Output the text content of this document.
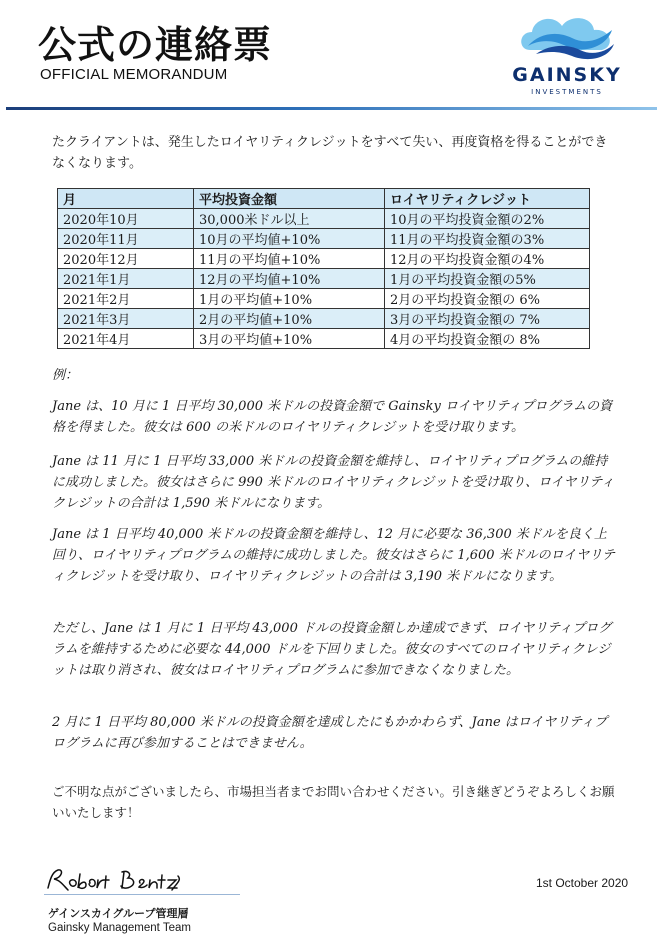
公式の連絡票
OFFICIAL MEMORANDUM	GAINSKY
INVESTMENTS
たクライアントは、発生したロイヤリティクレジットをすべて失い、再度資格を得ることができなくなります。
月	平均投資金額	ロイヤリティクレジット
2020年10月	30,000米ドル以上	10月の平均投資金額の2%
2020年11月	10月の平均値+10%	11月の平均投資金額の3%
2020年12月	11月の平均値+10%	12月の平均投資金額の4%
2021年1月	12月の平均値+10%	1月の平均投資金額の5%
2021年2月	1月の平均値+10%	2月の平均投資金額の 6%
2021年3月	2月の平均値+10%	3月の平均投資金額の 7%
2021年4月	3月の平均値+10%	4月の平均投資金額の 8%
例：
Jane は、10 月に 1 日平均 30,000 米ドルの投資金額で Gainsky ロイヤリティプログラムの資格を得ました。彼女は 600 の米ドルのロイヤリティクレジットを受け取ります。
Jane は 11 月に 1 日平均 33,000 米ドルの投資金額を維持し、ロイヤリティプログラムの維持に成功しました。彼女はさらに 990 米ドルのロイヤリティクレジットを受け取り、ロイヤリティクレジットの合計は 1,590 米ドルになります。
Jane は 1 日平均 40,000 米ドルの投資金額を維持し、12 月に必要な 36,300 米ドルを良く上回り、ロイヤリティプログラムの維持に成功しました。彼女はさらに 1,600 米ドルのロイヤリティクレジットを受け取り、ロイヤリティクレジットの合計は 3,190 米ドルになります。
ただし、Jane は 1 月に 1 日平均 43,000 ドルの投資金額しか達成できず、ロイヤリティプログラムを維持するために必要な 44,000 ドルを下回りました。彼女のすべてのロイヤリティクレジットは取り消され、彼女はロイヤリティプログラムに参加できなくなりました。
2 月に 1 日平均 80,000 米ドルの投資金額を達成したにもかかわらず、Jane はロイヤリティプログラムに再び参加することはできません。
ご不明な点がございましたら、市場担当者までお問い合わせください。引き継ぎどうぞよろしくお願いいたします！
ゲインスカイグループ管理層
Gainsky Management Team
1st October 2020
